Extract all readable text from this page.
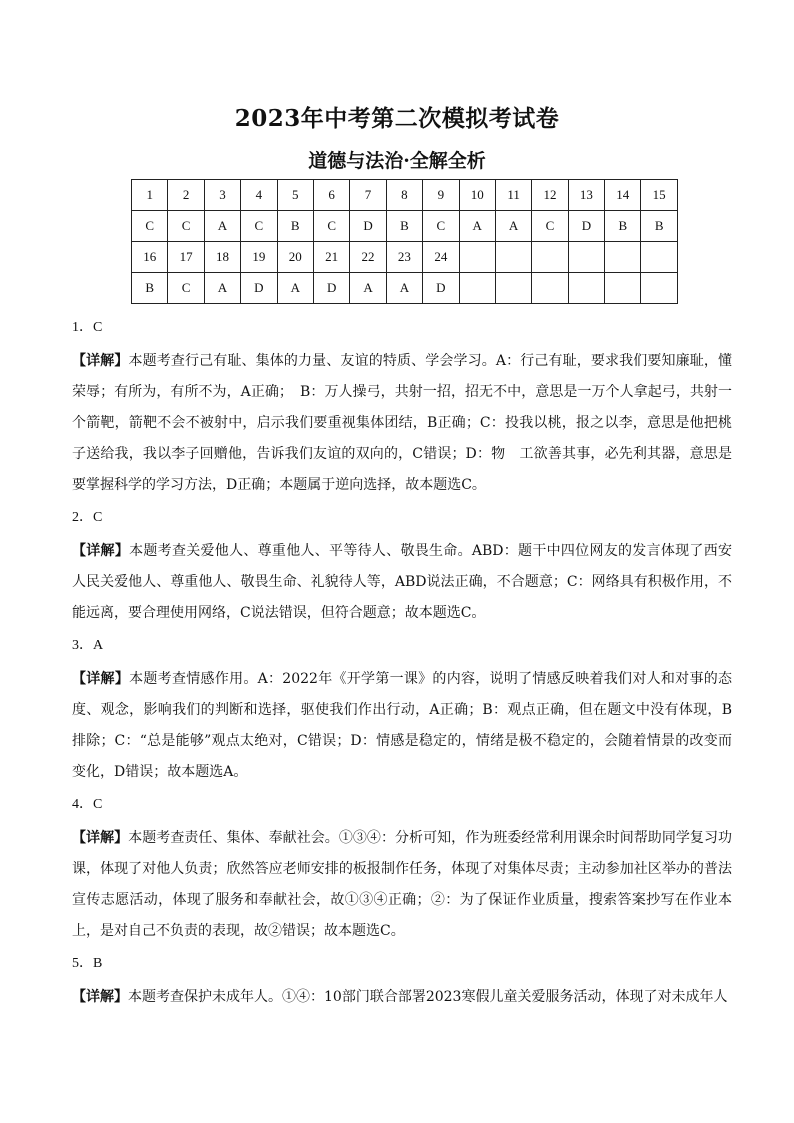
2023年中考第二次模拟考试卷
道德与法治·全解全析
1	2	3	4	5	6	7	8	9	10	11	12	13	14	15
C	C	A	C	B	C	D	B	C	A	A	C	D	B	B
16	17	18	19	20	21	22	23	24						
B	C	A	D	A	D	A	A	D						
1．C

【详解】本题考查行己有耻、集体的力量、友谊的特质、学会学习。A：行己有耻，要求我们要知廉耻，懂荣辱；有所为，有所不为，A正确；　B：万人操弓，共射一招，招无不中，意思是一万个人拿起弓，共射一个箭靶，箭靶不会不被射中，启示我们要重视集体团结，B正确；C：投我以桃，报之以李，意思是他把桃子送给我，我以李子回赠他，告诉我们友谊的双向的，C错误；D：物　工欲善其事，必先利其器，意思是要掌握科学的学习方法，D正确；本题属于逆向选择，故本题选C。

2．C

【详解】本题考查关爱他人、尊重他人、平等待人、敬畏生命。ABD：题干中四位网友的发言体现了西安人民关爱他人、尊重他人、敬畏生命、礼貌待人等，ABD说法正确，不合题意；C：网络具有积极作用，不能远离，要合理使用网络，C说法错误，但符合题意；故本题选C。

3．A

【详解】本题考查情感作用。A：2022年《开学第一课》的内容，说明了情感反映着我们对人和对事的态度、观念，影响我们的判断和选择，驱使我们作出行动，A正确；B：观点正确，但在题文中没有体现，B排除；C：“总是能够”观点太绝对，C错误；D：情感是稳定的，情绪是极不稳定的，会随着情景的改变而变化，D错误；故本题选A。

4．C

【详解】本题考查责任、集体、奉献社会。①③④：分析可知，作为班委经常利用课余时间帮助同学复习功课，体现了对他人负责；欣然答应老师安排的板报制作任务，体现了对集体尽责；主动参加社区举办的普法宣传志愿活动，体现了服务和奉献社会，故①③④正确；②：为了保证作业质量，搜索答案抄写在作业本上，是对自己不负责的表现，故②错误；故本题选C。

5．B

【详解】本题考查保护未成年人。①④：10部门联合部署2023寒假儿童关爱服务活动，体现了对未成年人
